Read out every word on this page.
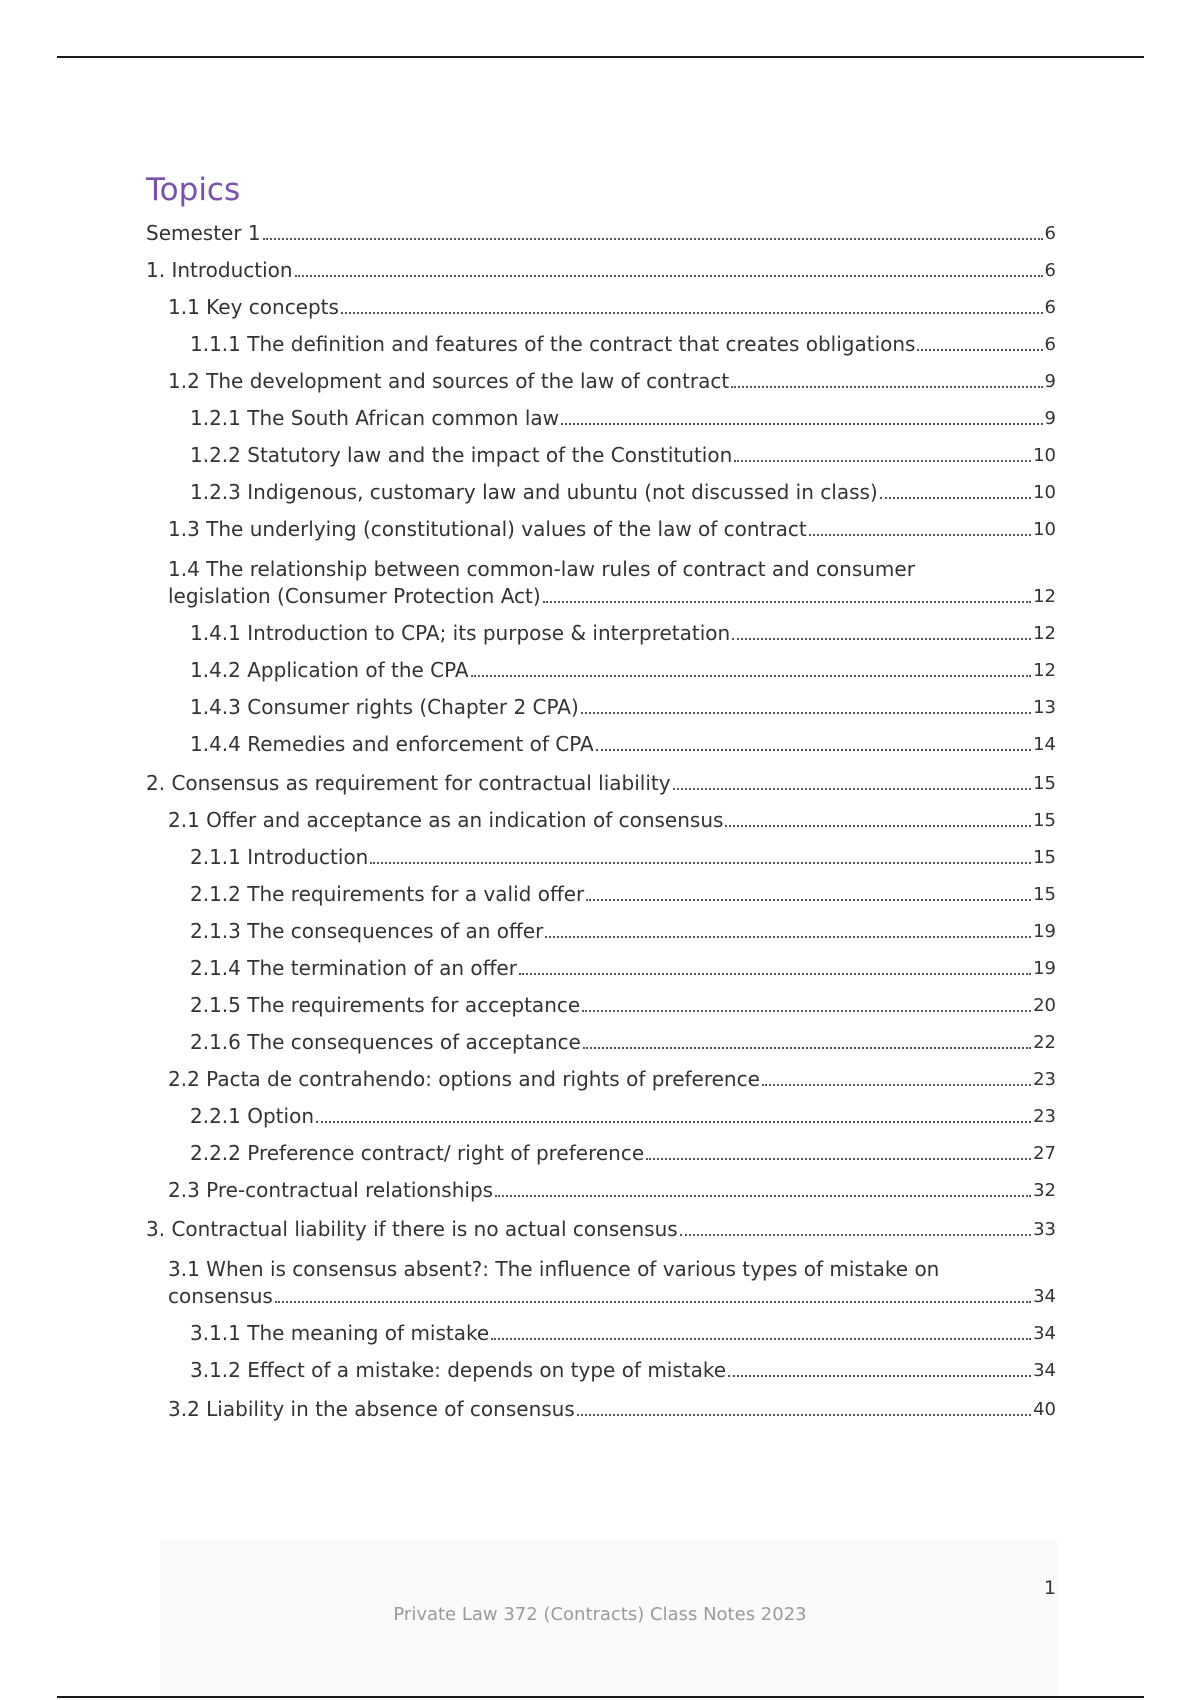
Topics
Semester 1	6
1. Introduction	6
1.1 Key concepts	6
1.1.1 The definition and features of the contract that creates obligations	6
1.2 The development and sources of the law of contract	9
1.2.1 The South African common law	9
1.2.2 Statutory law and the impact of the Constitution	10
1.2.3 Indigenous, customary law and ubuntu (not discussed in class)	10
1.3 The underlying (constitutional) values of the law of contract	10
1.4 The relationship between common-law rules of contract and consumer
legislation (Consumer Protection Act)	12
1.4.1 Introduction to CPA; its purpose & interpretation	12
1.4.2 Application of the CPA	12
1.4.3 Consumer rights (Chapter 2 CPA)	13
1.4.4 Remedies and enforcement of CPA	14
2. Consensus as requirement for contractual liability	15
2.1 Offer and acceptance as an indication of consensus	15
2.1.1 Introduction	15
2.1.2 The requirements for a valid offer	15
2.1.3 The consequences of an offer	19
2.1.4 The termination of an offer	19
2.1.5 The requirements for acceptance	20
2.1.6 The consequences of acceptance	22
2.2 Pacta de contrahendo: options and rights of preference	23
2.2.1 Option	23
2.2.2 Preference contract/ right of preference	27
2.3 Pre-contractual relationships	32
3. Contractual liability if there is no actual consensus	33
3.1 When is consensus absent?: The influence of various types of mistake on
consensus	34
3.1.1 The meaning of mistake	34
3.1.2 Effect of a mistake: depends on type of mistake	34
3.2 Liability in the absence of consensus	40
1
Private Law 372 (Contracts) Class Notes 2023
